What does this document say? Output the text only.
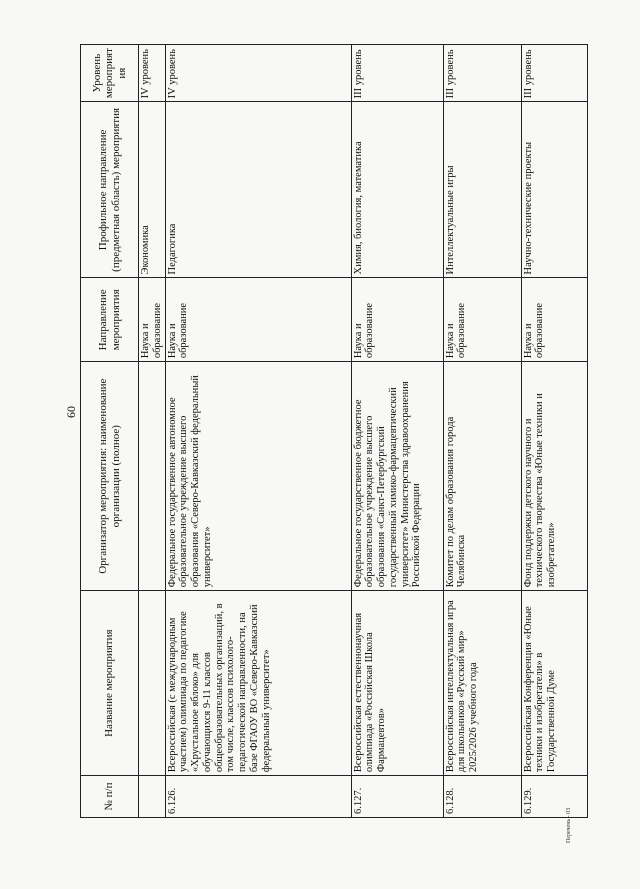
60
№ п/п	Название мероприятия	Организатор мероприятия: наименование организации (полное)	Направление мероприятия	Профильное направление (предметная область) мероприятия	Уровень мероприятия
			Наука и образование	Экономика	IV уровень
6.126.	Всероссийская (с международным участием) олимпиада по педагогике «Хрустальное яблоко» для обучающихся 9-11 классов общеобразовательных организаций, в том числе, классов психолого-педагогической направленности, на базе ФГАОУ ВО «Северо-Кавказский федеральный университет»	Федеральное государственное автономное образовательное учреждение высшего образования «Северо-Кавказский федеральный университет»	Наука и образование	Педагогика	IV уровень
6.127.	Всероссийская естественнонаучная олимпиада «Российская Школа Фармацевтов»	Федеральное государственное бюджетное образовательное учреждение высшего образования «Санкт-Петербургский государственный химико-фармацевтический университет» Министерства здравоохранения Российской Федерации	Наука и образование	Химия, биология, математика	III уровень
6.128.	Всероссийская интеллектуальная игра для школьников «Русский мир» 2025/2026 учебного года	Комитет по делам образования города Челябинска	Наука и образование	Интеллектуальные игры	III уровень
6.129.	Всероссийская Конференция «Юные техники и изобретатели» в Государственной Думе	Фонд поддержки детского научного и технического творчества «Юные техники и изобретатели»	Наука и образование	Научно-технические проекты	III уровень
Перечень - 03
